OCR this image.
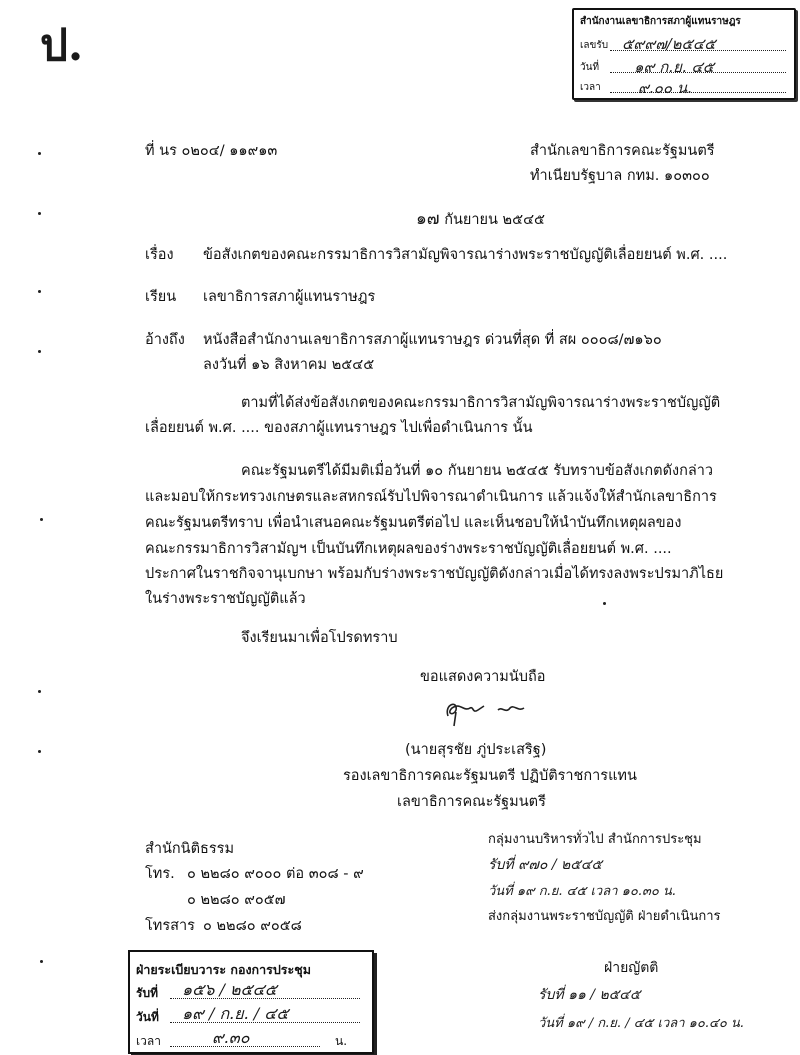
ป.	สำนักงานเลขาธิการสภาผู้แทนราษฎร
เลขรับ ๕๙๙๗/๒๕๔๕
วันที่ ๑๙ ก.ย. ๔๕
เวลา ๙.๐๐ น.
ที่ นร ๐๒๐๔/ ๑๑๙๑๓	สำนักเลขาธิการคณะรัฐมนตรี
ทำเนียบรัฐบาล กทม. ๑๐๓๐๐
๑๗ กันยายน ๒๕๔๕
เรื่อง ข้อสังเกตของคณะกรรมาธิการวิสามัญพิจารณาร่างพระราชบัญญัติเลื่อยยนต์ พ.ศ. ....
เรียน เลขาธิการสภาผู้แทนราษฎร
อ้างถึง หนังสือสำนักงานเลขาธิการสภาผู้แทนราษฎร ด่วนที่สุด ที่ สผ ๐๐๐๘/๗๑๖๐
ลงวันที่ ๑๖ สิงหาคม ๒๕๔๕
ตามที่ได้ส่งข้อสังเกตของคณะกรรมาธิการวิสามัญพิจารณาร่างพระราชบัญญัติ
เลื่อยยนต์ พ.ศ. .... ของสภาผู้แทนราษฎร ไปเพื่อดำเนินการ นั้น
คณะรัฐมนตรีได้มีมติเมื่อวันที่ ๑๐ กันยายน ๒๕๔๕ รับทราบข้อสังเกตดังกล่าว
และมอบให้กระทรวงเกษตรและสหกรณ์รับไปพิจารณาดำเนินการ แล้วแจ้งให้สำนักเลขาธิการ
คณะรัฐมนตรีทราบ เพื่อนำเสนอคณะรัฐมนตรีต่อไป และเห็นชอบให้นำบันทึกเหตุผลของ
คณะกรรมาธิการวิสามัญฯ เป็นบันทึกเหตุผลของร่างพระราชบัญญัติเลื่อยยนต์ พ.ศ. ....
ประกาศในราชกิจจานุเบกษา พร้อมกับร่างพระราชบัญญัติดังกล่าวเมื่อได้ทรงลงพระปรมาภิไธย
ในร่างพระราชบัญญัติแล้ว
จึงเรียนมาเพื่อโปรดทราบ
ขอแสดงความนับถือ
(นายสุรชัย ภู่ประเสริฐ)
รองเลขาธิการคณะรัฐมนตรี ปฏิบัติราชการแทน
เลขาธิการคณะรัฐมนตรี
สำนักนิติธรรม
โทร. ๐ ๒๒๘๐ ๙๐๐๐ ต่อ ๓๐๘ - ๙
๐ ๒๒๘๐ ๙๐๕๗
โทรสาร ๐ ๒๒๘๐ ๙๐๕๘
ฝ่ายระเบียบวาระ กองการประชุม
รับที่ ๑๕๖ / ๒๕๔๕
วันที่ ๑๙ / ก.ย. / ๔๕
เวลา	๙.๓๐	น.
กลุ่มงานบริหารทั่วไป สำนักการประชุม
รับที่ ๙๗๐ / ๒๕๔๕
วันที่ ๑๙ ก.ย. ๔๕ เวลา ๑๐.๓๐ น.
ส่งกลุ่มงานพระราชบัญญัติ ฝ่ายดำเนินการ
ฝ่ายญัตติ
รับที่ ๑๑ / ๒๕๔๕
วันที่ ๑๙ / ก.ย. / ๔๕ เวลา ๑๐.๔๐ น.
